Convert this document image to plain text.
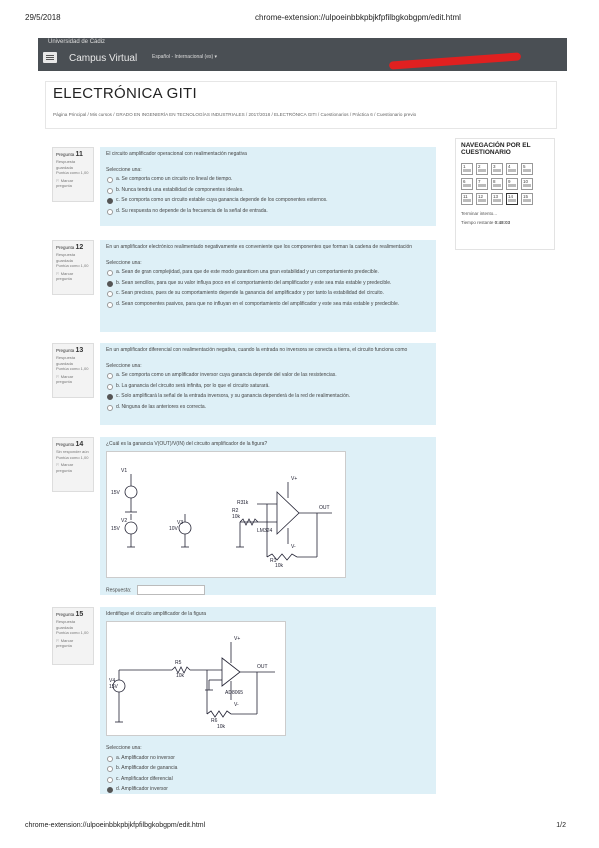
29/5/2018	chrome-extension://ulpoeinbbkpbjkfpfilbgkobgpm/edit.html
Universidad de Cádiz
Campus Virtual	Español - Internacional (es) ▾
ELECTRÓNICA GITI
Página Principal / Mis cursos / GRADO EN INGENIERÍA EN TECNOLOGÍAS INDUSTRIALES / 2017/2018 / ELECTRÓNICA GITI / Cuestionarios / Práctica 6 / Cuestionario previo
Pregunta 11
Respuesta guardada
Puntúa como 1,00
⚐ Marcar pregunta
El circuito amplificador operacional con realimentación negativa
Seleccione una:
a. Se comporta como un circuito no lineal de tiempo.
b. Nunca tendrá una estabilidad de componentes ideales.
c. Se comporta como un circuito estable cuya ganancia depende de los componentes externos.
d. Su respuesta no depende de la frecuencia de la señal de entrada.
Pregunta 12
Respuesta guardada
Puntúa como 1,00
⚐ Marcar pregunta
En un amplificador electrónico realimentado negativamente es conveniente que los componentes que forman la cadena de realimentación
Seleccione una:
a. Sean de gran complejidad, para que de este modo garanticen una gran estabilidad y un comportamiento predecible.
b. Sean sencillos, para que su valor influya poco en el comportamiento del amplificador y este sea más estable y predecible.
c. Sean precisos, pues de su comportamiento depende la ganancia del amplificador y por tanto la estabilidad del circuito.
d. Sean componentes pasivos, para que no influyan en el comportamiento del amplificador y este sea más estable y predecible.
Pregunta 13
Respuesta guardada
Puntúa como 1,00
⚐ Marcar pregunta
En un amplificador diferencial con realimentación negativa, cuando la entrada no inversora se conecta a tierra, el circuito funciona como
Seleccione una:
a. Se comporta como un amplificador inversor cuya ganancia depende del valor de las resistencias.
b. La ganancia del circuito será infinita, por lo que el circuito saturará.
c. Solo amplificará la señal de la entrada inversora, y su ganancia dependerá de la red de realimentación.
d. Ninguna de las anteriores es correcta.
Pregunta 14
Sin responder aún
Puntúa como 1,00
⚐ Marcar pregunta
¿Cuál es la ganancia V(OUT)/V(IN) del circuito amplificador de la figura?
V1
15V
V2
15V
V3
10V
R2
10k
R1
10k
LM324
OUT
R3 1k
V+
V-
Respuesta:
Pregunta 15
Respuesta guardada
Puntúa como 1,00
⚐ Marcar pregunta
Identifique el circuito amplificador de la figura
V4
15V
R5
10k
R6
10k
AD8065
OUT
V+
V-
Seleccione una:
a. Amplificador no inversor
b. Amplificador de ganancia
c. Amplificador diferencial
d. Amplificador inversor
NAVEGACIÓN POR EL CUESTIONARIO
1	2	3	4	5
6	7	8	9	10
11	12	13	14	15
Terminar intento...
Tiempo restante 0:48:03
chrome-extension://ulpoeinbbkpbjkfpfilbgkobgpm/edit.html	1/2
